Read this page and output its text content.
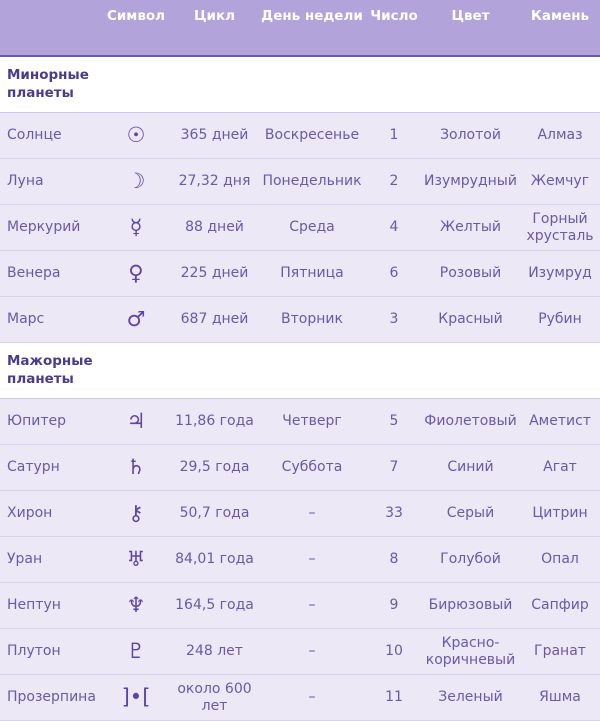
	Символ	Цикл	День недели	Число	Цвет	Камень

Минорные планеты						

Солнце	☉	365 дней	Воскресенье	1	Золотой	Алмаз
Луна	☽	27,32 дня	Понедельник	2	Изумрудный	Жемчуг
Меркурий	☿	88 дней	Среда	4	Желтый	Горный хрусталь
Венера	♀	225 дней	Пятница	6	Розовый	Изумруд
Марс	♂	687 дней	Вторник	3	Красный	Рубин

Мажорные планеты						

Юпитер	♃	11,86 года	Четверг	5	Фиолетовый	Аметист
Сатурн	♄	29,5 года	Суббота	7	Синий	Агат
Хирон	⚷	50,7 года	–	33	Серый	Цитрин
Уран	♅	84,01 года	–	8	Голубой	Опал
Нептун	♆	164,5 года	–	9	Бирюзовый	Сапфир
Плутон	♇	248 лет	–	10	Красно-коричневый	Гранат
Прозерпина	]•[	около 600 лет	–	11	Зеленый	Яшма
